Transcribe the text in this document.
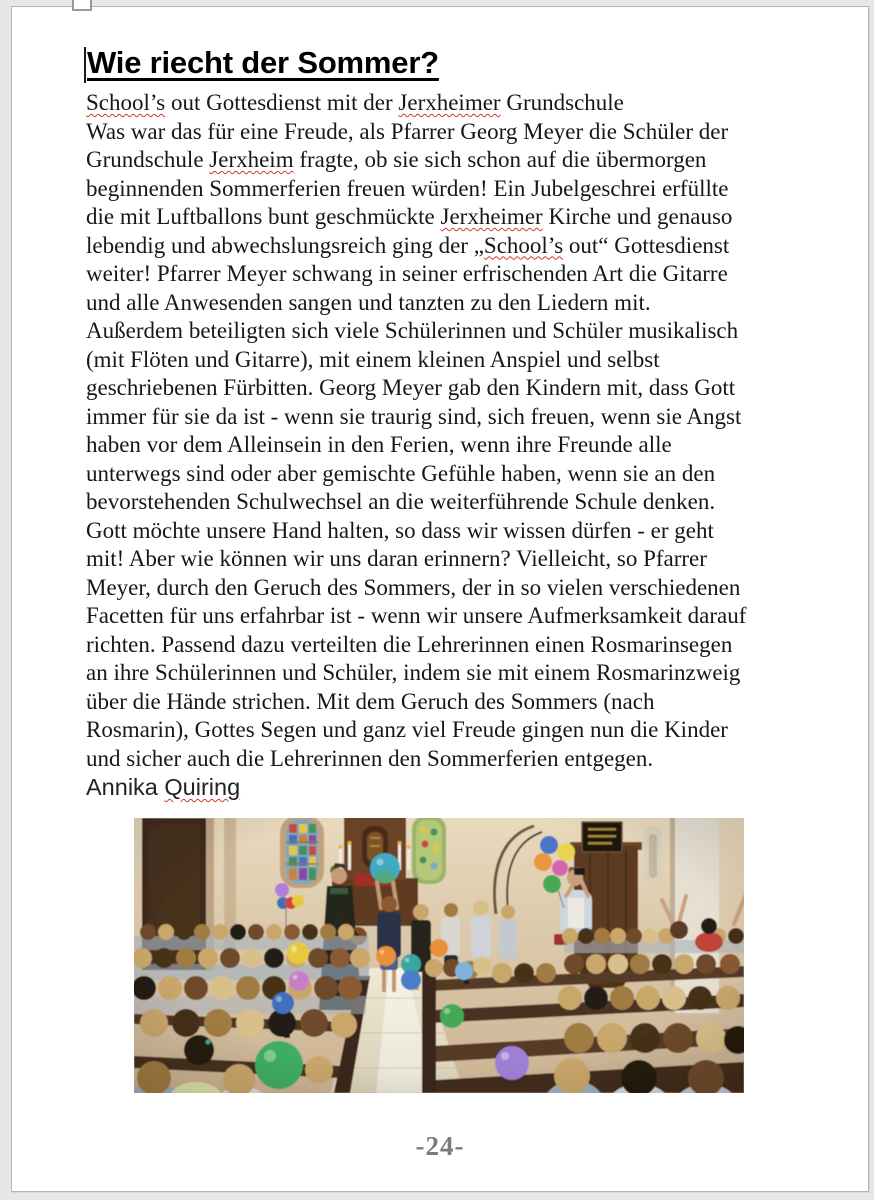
Wie riecht der Sommer?
School’s out Gottesdienst mit der Jerxheimer Grundschule
Was war das für eine Freude, als Pfarrer Georg Meyer die Schüler der
Grundschule Jerxheim fragte, ob sie sich schon auf die übermorgen
beginnenden Sommerferien freuen würden! Ein Jubelgeschrei erfüllte
die mit Luftballons bunt geschmückte Jerxheimer Kirche und genauso
lebendig und abwechslungsreich ging der „School’s out“ Gottesdienst
weiter! Pfarrer Meyer schwang in seiner erfrischenden Art die Gitarre
und alle Anwesenden sangen und tanzten zu den Liedern mit.
Außerdem beteiligten sich viele Schülerinnen und Schüler musikalisch
(mit Flöten und Gitarre), mit einem kleinen Anspiel und selbst
geschriebenen Fürbitten. Georg Meyer gab den Kindern mit, dass Gott
immer für sie da ist - wenn sie traurig sind, sich freuen, wenn sie Angst
haben vor dem Alleinsein in den Ferien, wenn ihre Freunde alle
unterwegs sind oder aber gemischte Gefühle haben, wenn sie an den
bevorstehenden Schulwechsel an die weiterführende Schule denken.
Gott möchte unsere Hand halten, so dass wir wissen dürfen - er geht
mit! Aber wie können wir uns daran erinnern? Vielleicht, so Pfarrer
Meyer, durch den Geruch des Sommers, der in so vielen verschiedenen
Facetten für uns erfahrbar ist - wenn wir unsere Aufmerksamkeit darauf
richten. Passend dazu verteilten die Lehrerinnen einen Rosmarinsegen
an ihre Schülerinnen und Schüler, indem sie mit einem Rosmarinzweig
über die Hände strichen. Mit dem Geruch des Sommers (nach
Rosmarin), Gottes Segen und ganz viel Freude gingen nun die Kinder
und sicher auch die Lehrerinnen den Sommerferien entgegen.
Annika Quiring
-24-
